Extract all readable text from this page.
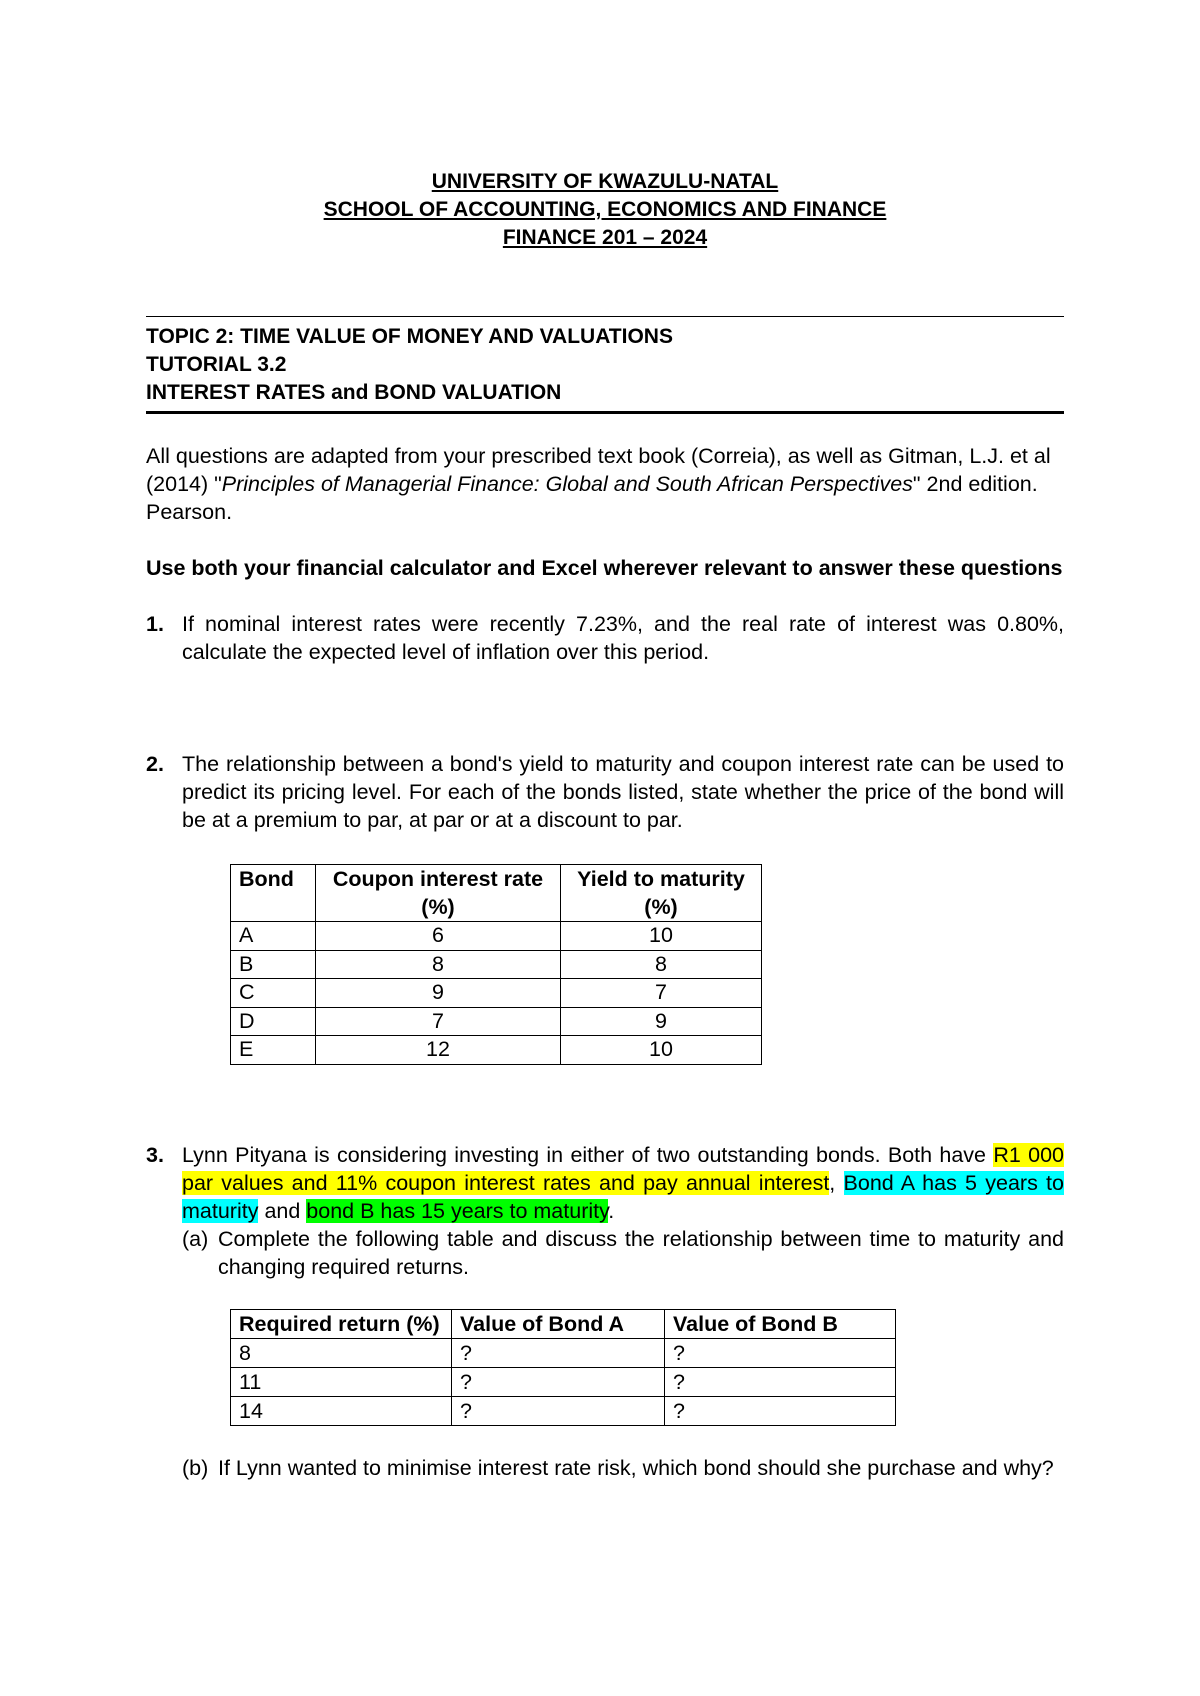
UNIVERSITY OF KWAZULU-NATAL
SCHOOL OF ACCOUNTING, ECONOMICS AND FINANCE
FINANCE 201 – 2024
TOPIC 2: TIME VALUE OF MONEY AND VALUATIONS
TUTORIAL 3.2
INTEREST RATES and BOND VALUATION
All questions are adapted from your prescribed text book (Correia), as well as Gitman, L.J. et al (2014) "Principles of Managerial Finance: Global and South African Perspectives" 2nd edition. Pearson.
Use both your financial calculator and Excel wherever relevant to answer these questions
1. If nominal interest rates were recently 7.23%, and the real rate of interest was 0.80%, calculate the expected level of inflation over this period.
2. The relationship between a bond's yield to maturity and coupon interest rate can be used to predict its pricing level. For each of the bonds listed, state whether the price of the bond will be at a premium to par, at par or at a discount to par.
Bond	Coupon interest rate (%)	Yield to maturity (%)
A	6	10
B	8	8
C	9	7
D	7	9
E	12	10
3. Lynn Pityana is considering investing in either of two outstanding bonds. Both have R1 000 par values and 11% coupon interest rates and pay annual interest, Bond A has 5 years to maturity and bond B has 15 years to maturity.
(a) Complete the following table and discuss the relationship between time to maturity and changing required returns.
Required return (%)	Value of Bond A	Value of Bond B
8	?	?
11	?	?
14	?	?
(b) If Lynn wanted to minimise interest rate risk, which bond should she purchase and why?
